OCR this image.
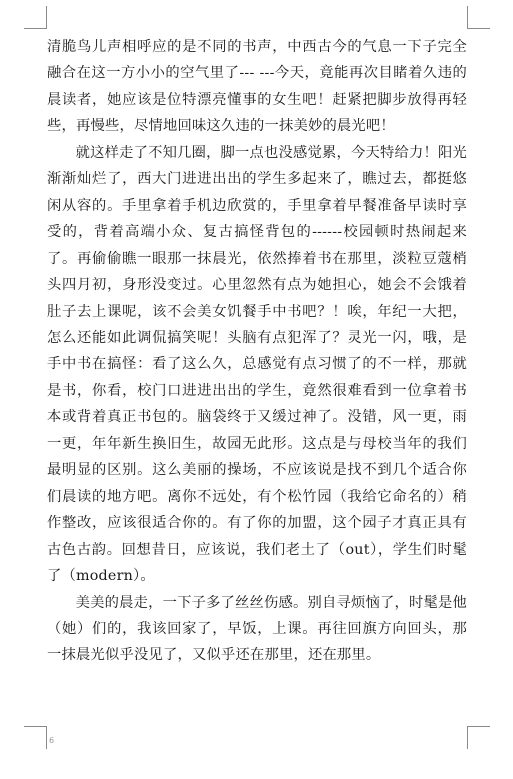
清脆鸟儿声相呼应的是不同的书声，中西古今的气息一下子完全融合在这一方小小的空气里了--- ---今天，竟能再次目睹着久违的晨读者，她应该是位特漂亮懂事的女生吧！赶紧把脚步放得再轻些，再慢些，尽情地回味这久违的一抹美妙的晨光吧！

就这样走了不知几圈，脚一点也没感觉累，今天特给力！阳光渐渐灿烂了，西大门进进出出的学生多起来了，瞧过去，都挺悠闲从容的。手里拿着手机边欣赏的，手里拿着早餐准备早读时享受的，背着高端小众、复古搞怪背包的------校园顿时热闹起来了。再偷偷瞧一眼那一抹晨光，依然捧着书在那里，淡粒豆蔻梢头四月初，身形没变过。心里忽然有点为她担心，她会不会饿着肚子去上课呢，该不会美女饥餐手中书吧？！唉，年纪一大把，怎么还能如此调侃搞笑呢！头脑有点犯浑了？灵光一闪，哦，是手中书在搞怪：看了这么久，总感觉有点习惯了的不一样，那就是书，你看，校门口进进出出的学生，竟然很难看到一位拿着书本或背着真正书包的。脑袋终于又缓过神了。没错，风一更，雨一更，年年新生换旧生，故园无此形。这点是与母校当年的我们最明显的区别。这么美丽的操场，不应该说是找不到几个适合你们晨读的地方吧。离你不远处，有个松竹园（我给它命名的）稍作整改，应该很适合你的。有了你的加盟，这个园子才真正具有古色古韵。回想昔日，应该说，我们老土了（out），学生们时髦了（modern）。

美美的晨走，一下子多了丝丝伤感。别自寻烦恼了，时髦是他（她）们的，我该回家了，早饭，上课。再往回旗方向回头，那一抹晨光似乎没见了，又似乎还在那里，还在那里。

6
